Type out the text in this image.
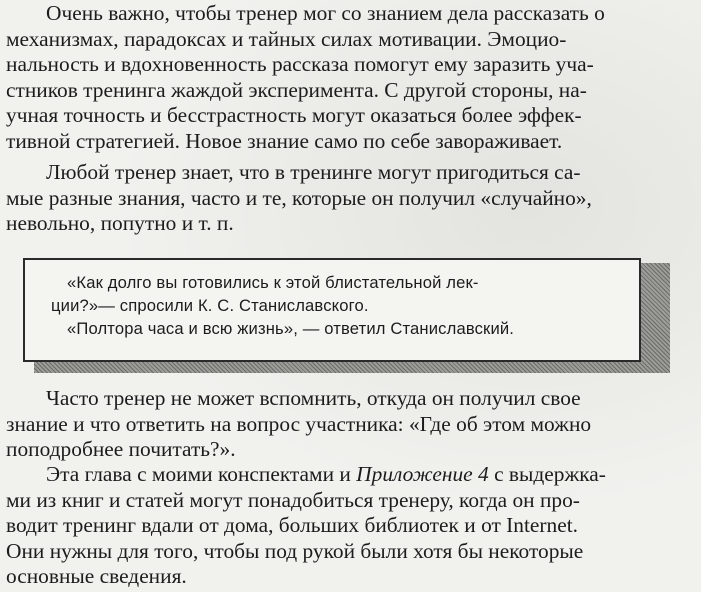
Очень важно, чтобы тренер мог со знанием дела рассказать о
механизмах, парадоксах и тайных силах мотивации. Эмоцио-
нальность и вдохновенность рассказа помогут ему заразить уча-
стников тренинга жаждой эксперимента. С другой стороны, на-
учная точность и бесстрастность могут оказаться более эффек-
тивной стратегией. Новое знание само по себе завораживает.

Любой тренер знает, что в тренинге могут пригодиться са-
мые разные знания, часто и те, которые он получил «случайно»,
невольно, попутно и т. п.

«Как долго вы готовились к этой блистательной лек-
ции?»— спросили К. С. Станиславского.
«Полтора часа и всю жизнь», — ответил Станиславский.

Часто тренер не может вспомнить, откуда он получил свое
знание и что ответить на вопрос участника: «Где об этом можно
поподробнее почитать?».

Эта глава с моими конспектами и Приложение 4 с выдержка-
ми из книг и статей могут понадобиться тренеру, когда он про-
водит тренинг вдали от дома, больших библиотек и от Internet.
Они нужны для того, чтобы под рукой были хотя бы некоторые
основные сведения.
